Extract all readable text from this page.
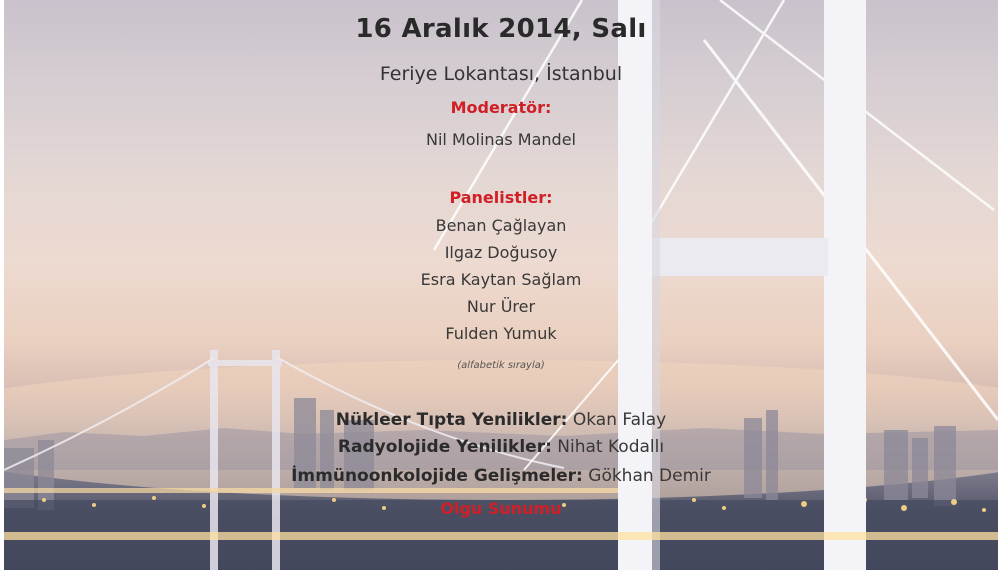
16 Aralık 2014, Salı
Feriye Lokantası, İstanbul
Moderatör:
Nil Molinas Mandel
Panelistler:
Benan Çağlayan
Ilgaz Doğusoy
Esra Kaytan Sağlam
Nur Ürer
Fulden Yumuk
(alfabetik sırayla)
Nükleer Tıpta Yenilikler: Okan Falay
Radyolojide Yenilikler: Nihat Kodallı
İmmünoonkolojide Gelişmeler: Gökhan Demir
Olgu Sunumu
